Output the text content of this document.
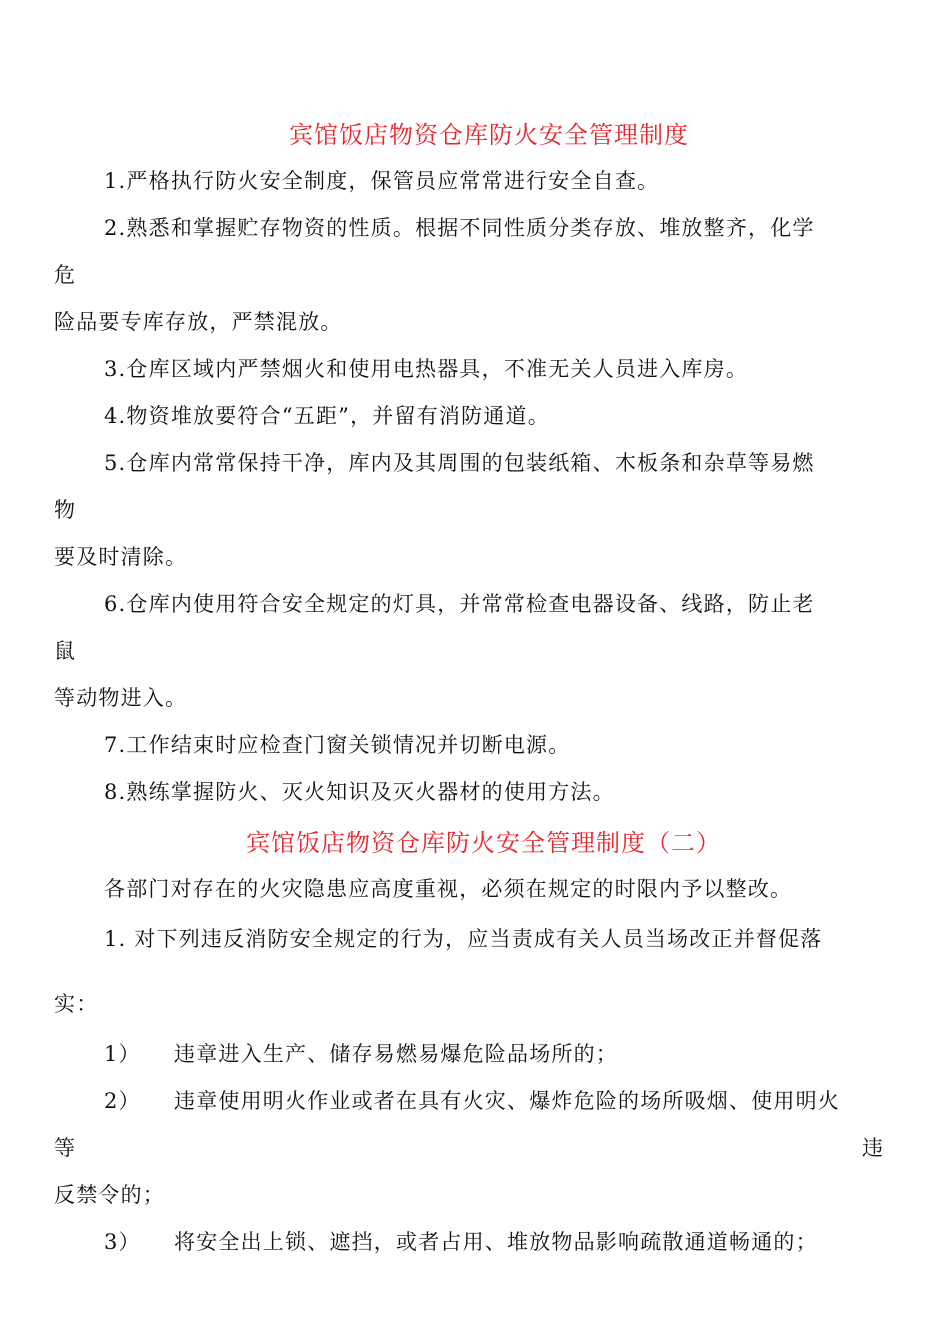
宾馆饭店物资仓库防火安全管理制度
1.严格执行防火安全制度，保管员应常常进行安全自查。
2.熟悉和掌握贮存物资的性质。根据不同性质分类存放、堆放整齐，化学
危
险品要专库存放，严禁混放。
3.仓库区域内严禁烟火和使用电热器具，不准无关人员进入库房。
4.物资堆放要符合“五距”，并留有消防通道。
5.仓库内常常保持干净，库内及其周围的包装纸箱、木板条和杂草等易燃
物
要及时清除。
6.仓库内使用符合安全规定的灯具，并常常检查电器设备、线路，防止老
鼠
等动物进入。
7.工作结束时应检查门窗关锁情况并切断电源。
8.熟练掌握防火、灭火知识及灭火器材的使用方法。
宾馆饭店物资仓库防火安全管理制度（二）
各部门对存在的火灾隐患应高度重视，必须在规定的时限内予以整改。
1. 对下列违反消防安全规定的行为，应当责成有关人员当场改正并督促落
实：
1） 违章进入生产、储存易燃易爆危险品场所的；
2） 违章使用明火作业或者在具有火灾、爆炸危险的场所吸烟、使用明火
等	违
反禁令的；
3） 将安全出上锁、遮挡，或者占用、堆放物品影响疏散通道畅通的；
